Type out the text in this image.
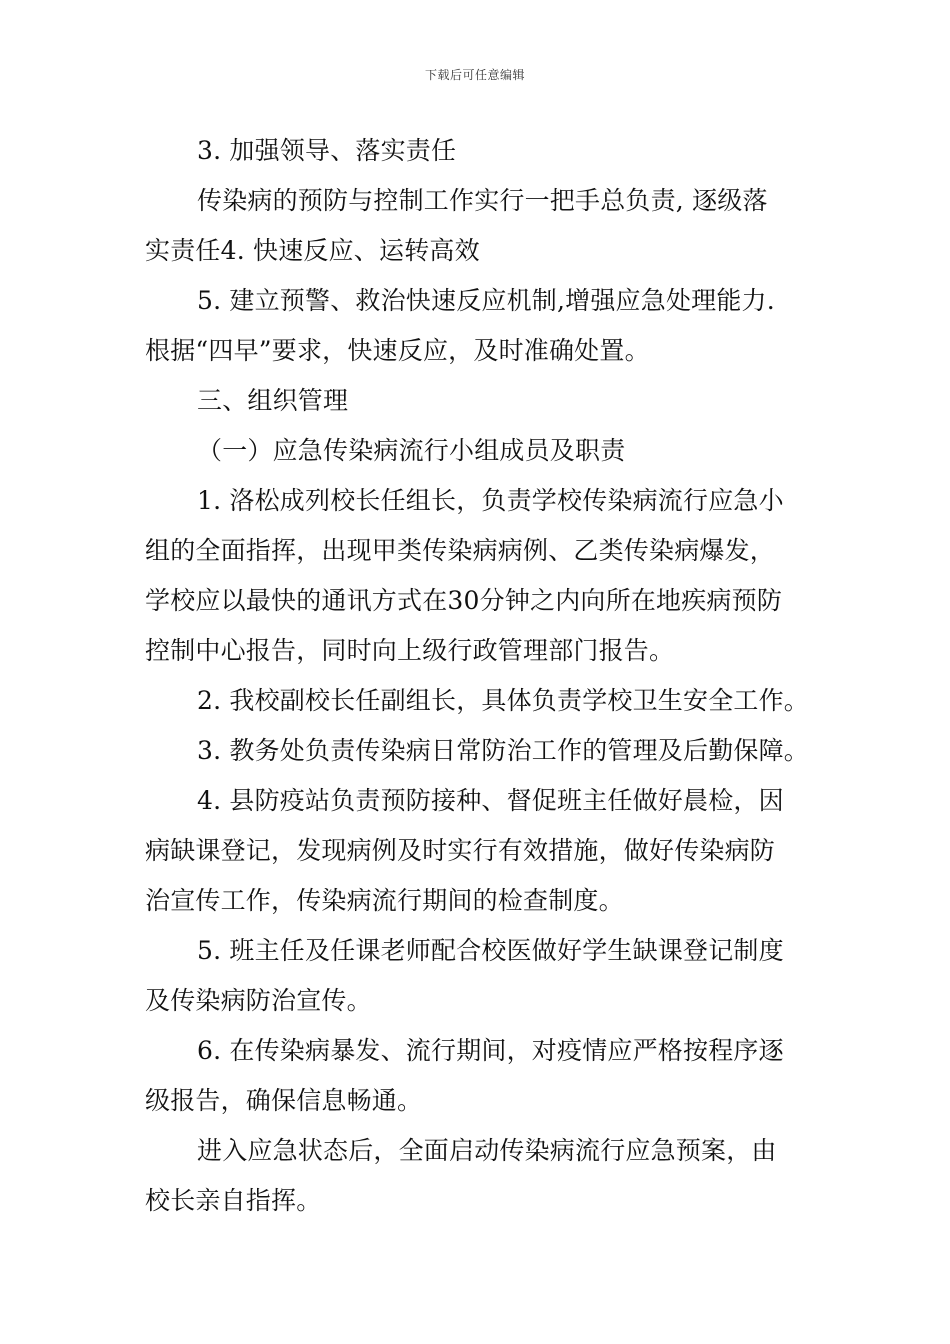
下载后可任意编辑
3. 加强领导、落实责任
传染病的预防与控制工作实行一把手总负责, 逐级落
实责任4. 快速反应、运转高效
5. 建立预警、救治快速反应机制,增强应急处理能力.
根据“四早”要求，快速反应，及时准确处置。
三、组织管理
（一）应急传染病流行小组成员及职责
1. 洛松成列校长任组长，负责学校传染病流行应急小
组的全面指挥，出现甲类传染病病例、乙类传染病爆发，
学校应以最快的通讯方式在30分钟之内向所在地疾病预防
控制中心报告，同时向上级行政管理部门报告。
2. 我校副校长任副组长，具体负责学校卫生安全工作。
3. 教务处负责传染病日常防治工作的管理及后勤保障。
4. 县防疫站负责预防接种、督促班主任做好晨检，因
病缺课登记，发现病例及时实行有效措施，做好传染病防
治宣传工作，传染病流行期间的检查制度。
5. 班主任及任课老师配合校医做好学生缺课登记制度
及传染病防治宣传。
6. 在传染病暴发、流行期间，对疫情应严格按程序逐
级报告，确保信息畅通。
进入应急状态后，全面启动传染病流行应急预案，由
校长亲自指挥。
